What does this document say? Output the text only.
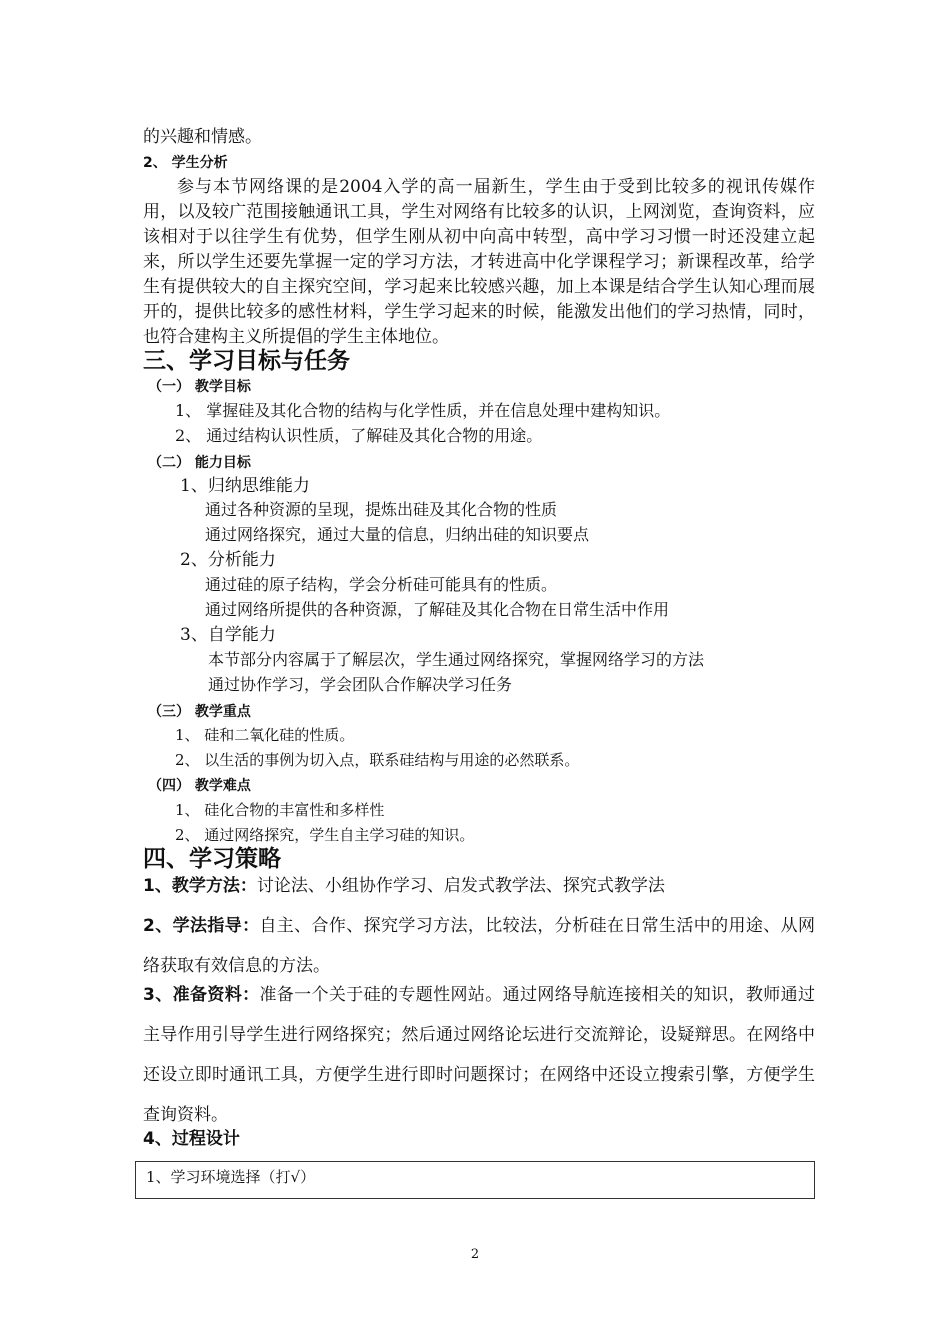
的兴趣和情感。
2、 学生分析
参与本节网络课的是2004入学的高一届新生，学生由于受到比较多的视讯传媒作用，以及较广范围接触通讯工具，学生对网络有比较多的认识，上网浏览，查询资料，应该相对于以往学生有优势，但学生刚从初中向高中转型，高中学习习惯一时还没建立起来，所以学生还要先掌握一定的学习方法，才转进高中化学课程学习；新课程改革，给学生有提供较大的自主探究空间，学习起来比较感兴趣，加上本课是结合学生认知心理而展开的，提供比较多的感性材料，学生学习起来的时候，能激发出他们的学习热情，同时，也符合建构主义所提倡的学生主体地位。
三、学习目标与任务
（一） 教学目标
1、 掌握硅及其化合物的结构与化学性质，并在信息处理中建构知识。
2、 通过结构认识性质，了解硅及其化合物的用途。
（二） 能力目标
1、归纳思维能力
通过各种资源的呈现，提炼出硅及其化合物的性质
通过网络探究，通过大量的信息，归纳出硅的知识要点
2、分析能力
通过硅的原子结构，学会分析硅可能具有的性质。
通过网络所提供的各种资源，了解硅及其化合物在日常生活中作用
3、自学能力
本节部分内容属于了解层次，学生通过网络探究，掌握网络学习的方法
通过协作学习，学会团队合作解决学习任务
（三） 教学重点
1、 硅和二氧化硅的性质。
2、 以生活的事例为切入点，联系硅结构与用途的必然联系。
（四） 教学难点
1、 硅化合物的丰富性和多样性
2、 通过网络探究，学生自主学习硅的知识。
四、学习策略
1、教学方法：讨论法、小组协作学习、启发式教学法、探究式教学法
2、学法指导：自主、合作、探究学习方法，比较法，分析硅在日常生活中的用途、从网络获取有效信息的方法。
3、准备资料：准备一个关于硅的专题性网站。通过网络导航连接相关的知识，教师通过主导作用引导学生进行网络探究；然后通过网络论坛进行交流辩论，设疑辩思。在网络中还设立即时通讯工具，方便学生进行即时问题探讨；在网络中还设立搜索引擎，方便学生查询资料。
4、过程设计
1、学习环境选择（打√）
2
